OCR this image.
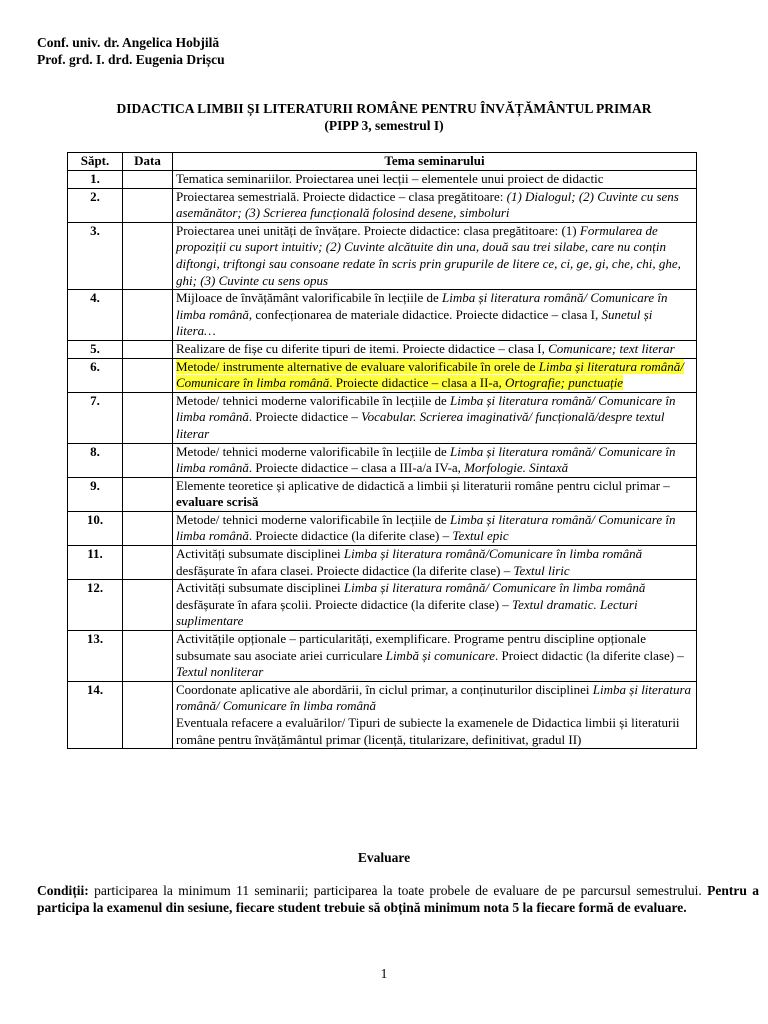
Conf. univ. dr. Angelica Hobjilă
Prof. grd. I. drd. Eugenia Drișcu
DIDACTICA LIMBII ȘI LITERATURII ROMÂNE PENTRU ÎNVĂȚĂMÂNTUL PRIMAR
(PIPP 3, semestrul I)
Săpt.	Data	Tema seminarului
1.		Tematica seminariilor. Proiectarea unei lecții – elementele unui proiect de didactic
2.		Proiectarea semestrială. Proiecte didactice – clasa pregătitoare: (1) Dialogul; (2) Cuvinte cu sens asemănător; (3) Scrierea funcțională folosind desene, simboluri
3.		Proiectarea unei unități de învățare. Proiecte didactice: clasa pregătitoare: (1) Formularea de propoziții cu suport intuitiv; (2) Cuvinte alcătuite din una, două sau trei silabe, care nu conțin diftongi, triftongi sau consoane redate în scris prin grupurile de litere ce, ci, ge, gi, che, chi, ghe, ghi; (3) Cuvinte cu sens opus
4.		Mijloace de învățământ valorificabile în lecțiile de Limba și literatura română/ Comunicare în limba română, confecționarea de materiale didactice. Proiecte didactice – clasa I, Sunetul și litera…
5.		Realizare de fișe cu diferite tipuri de itemi. Proiecte didactice – clasa I, Comunicare; text literar
6.		Metode/ instrumente alternative de evaluare valorificabile în orele de Limba și literatura română/ Comunicare în limba română. Proiecte didactice – clasa a II-a, Ortografie; punctuație
7.		Metode/ tehnici moderne valorificabile în lecțiile de Limba și literatura română/ Comunicare în limba română. Proiecte didactice – Vocabular. Scrierea imaginativă/ funcțională/despre textul literar
8.		Metode/ tehnici moderne valorificabile în lecțiile de Limba și literatura română/ Comunicare în limba română. Proiecte didactice – clasa a III-a/a IV-a, Morfologie. Sintaxă
9.		Elemente teoretice și aplicative de didactică a limbii și literaturii române pentru ciclul primar – evaluare scrisă
10.		Metode/ tehnici moderne valorificabile în lecțiile de Limba și literatura română/ Comunicare în limba română. Proiecte didactice (la diferite clase) – Textul epic
11.		Activități subsumate disciplinei Limba și literatura română/Comunicare în limba română desfășurate în afara clasei. Proiecte didactice (la diferite clase) – Textul liric
12.		Activități subsumate disciplinei Limba și literatura română/ Comunicare în limba română desfășurate în afara școlii. Proiecte didactice (la diferite clase) – Textul dramatic. Lecturi suplimentare
13.		Activitățile opționale – particularități, exemplificare. Programe pentru discipline opționale subsumate sau asociate ariei curriculare Limbă și comunicare. Proiect didactic (la diferite clase) – Textul nonliterar
14.		Coordonate aplicative ale abordării, în ciclul primar, a conținuturilor disciplinei Limba și literatura română/ Comunicare în limba română
Eventuala refacere a evaluărilor/ Tipuri de subiecte la examenele de Didactica limbii și literaturii române pentru învățământul primar (licență, titularizare, definitivat, gradul II)
Evaluare
Condiții: participarea la minimum 11 seminarii; participarea la toate probele de evaluare de pe parcursul semestrului. Pentru a participa la examenul din sesiune, fiecare student trebuie să obțină minimum nota 5 la fiecare formă de evaluare.
1
